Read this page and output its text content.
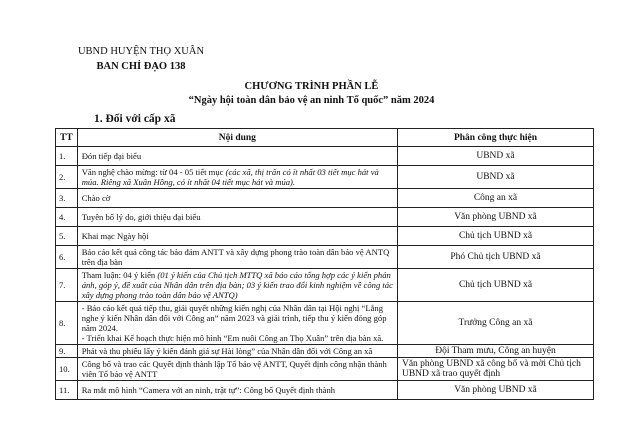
UBND HUYỆN THỌ XUÂN
BAN CHỈ ĐẠO 138
CHƯƠNG TRÌNH PHẦN LỄ
“Ngày hội toàn dân bảo vệ an ninh Tổ quốc” năm 2024
1. Đối với cấp xã
TT	Nội dung	Phân công thực hiện
1.	Đón tiếp đại biểu	UBND xã
2.	Văn nghệ chào mừng: từ 04 - 05 tiết mục (các xã, thị trấn có ít nhất 03 tiết mục hát và múa. Riêng xã Xuân Hồng, có ít nhất 04 tiết mục hát và múa).	UBND xã
3.	Chào cờ	Công an xã
4.	Tuyên bố lý do, giới thiệu đại biểu	Văn phòng UBND xã
5.	Khai mạc Ngày hội	Chủ tịch UBND xã
6.	Báo cáo kết quả công tác bảo đảm ANTT và xây dựng phong trào toàn dân bảo vệ ANTQ trên địa bàn	Phó Chủ tịch UBND xã
7.	Tham luận: 04 ý kiến (01 ý kiến của Chủ tịch MTTQ xã báo cáo tổng hợp các ý kiến phản ánh, góp ý, đề xuất của Nhân dân trên địa bàn; 03 ý kiến trao đổi kinh nghiệm về công tác xây dựng phong trào toàn dân bảo vệ ANTQ)	Chủ tịch UBND xã
8.	- Báo cáo kết quả tiếp thu, giải quyết những kiến nghị của Nhân dân tại Hội nghị “Lắng nghe ý kiến Nhân dân đối với Công an” năm 2023 và giải trình, tiếp thu ý kiến đóng góp năm 2024.
- Triển khai Kế hoạch thực hiện mô hình “Em nuôi Công an Thọ Xuân” trên địa bàn xã.	Trưởng Công an xã
9.	Phát và thu phiếu lấy ý kiến đánh giá sự Hài lòng” của Nhân dân đối với Công an xã	Đội Tham mưu, Công an huyện
10.	Công bố và trao các Quyết định thành lập Tổ bảo vệ ANTT, Quyết định công nhận thành viên Tổ bảo vệ ANTT	Văn phòng UBND xã công bố và mời Chủ tịch UBND xã trao quyết định
11.	Ra mắt mô hình “Camera với an ninh, trật tự”: Công bố Quyết định thành	Văn phòng UBND xã
